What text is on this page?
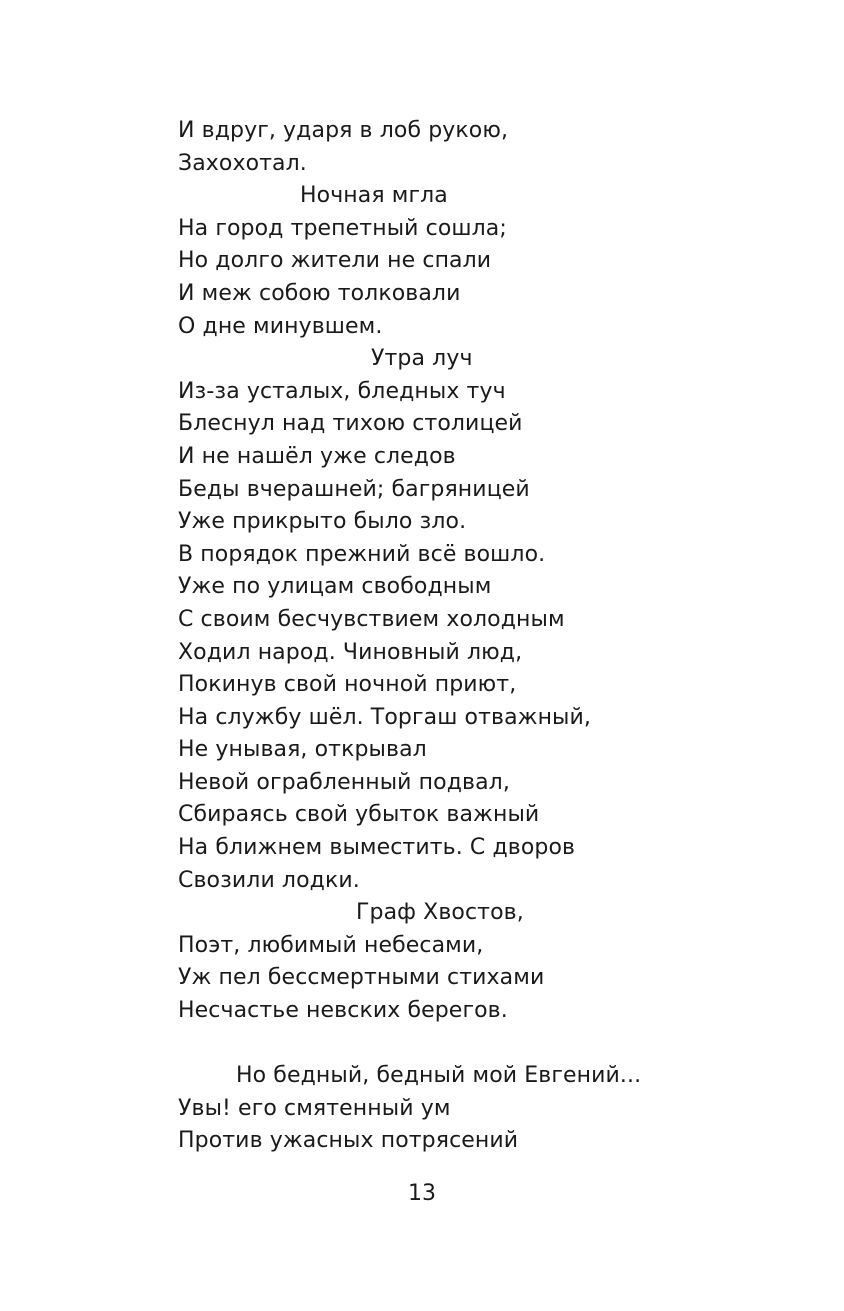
И вдруг, ударя в лоб рукою,
Захохотал.
Ночная мгла
На город трепетный сошла;
Но долго жители не спали
И меж собою толковали
О дне минувшем.
Утра луч
Из-за усталых, бледных туч
Блеснул над тихою столицей
И не нашёл уже следов
Беды вчерашней; багряницей
Уже прикрыто было зло.
В порядок прежний всё вошло.
Уже по улицам свободным
С своим бесчувствием холодным
Ходил народ. Чиновный люд,
Покинув свой ночной приют,
На службу шёл. Торгаш отважный,
Не унывая, открывал
Невой ограбленный подвал,
Сбираясь свой убыток важный
На ближнем выместить. С дворов
Свозили лодки.
Граф Хвостов,
Поэт, любимый небесами,
Уж пел бессмертными стихами
Несчастье невских берегов.
Но бедный, бедный мой Евгений...
Увы! его смятенный ум
Против ужасных потрясений
13
